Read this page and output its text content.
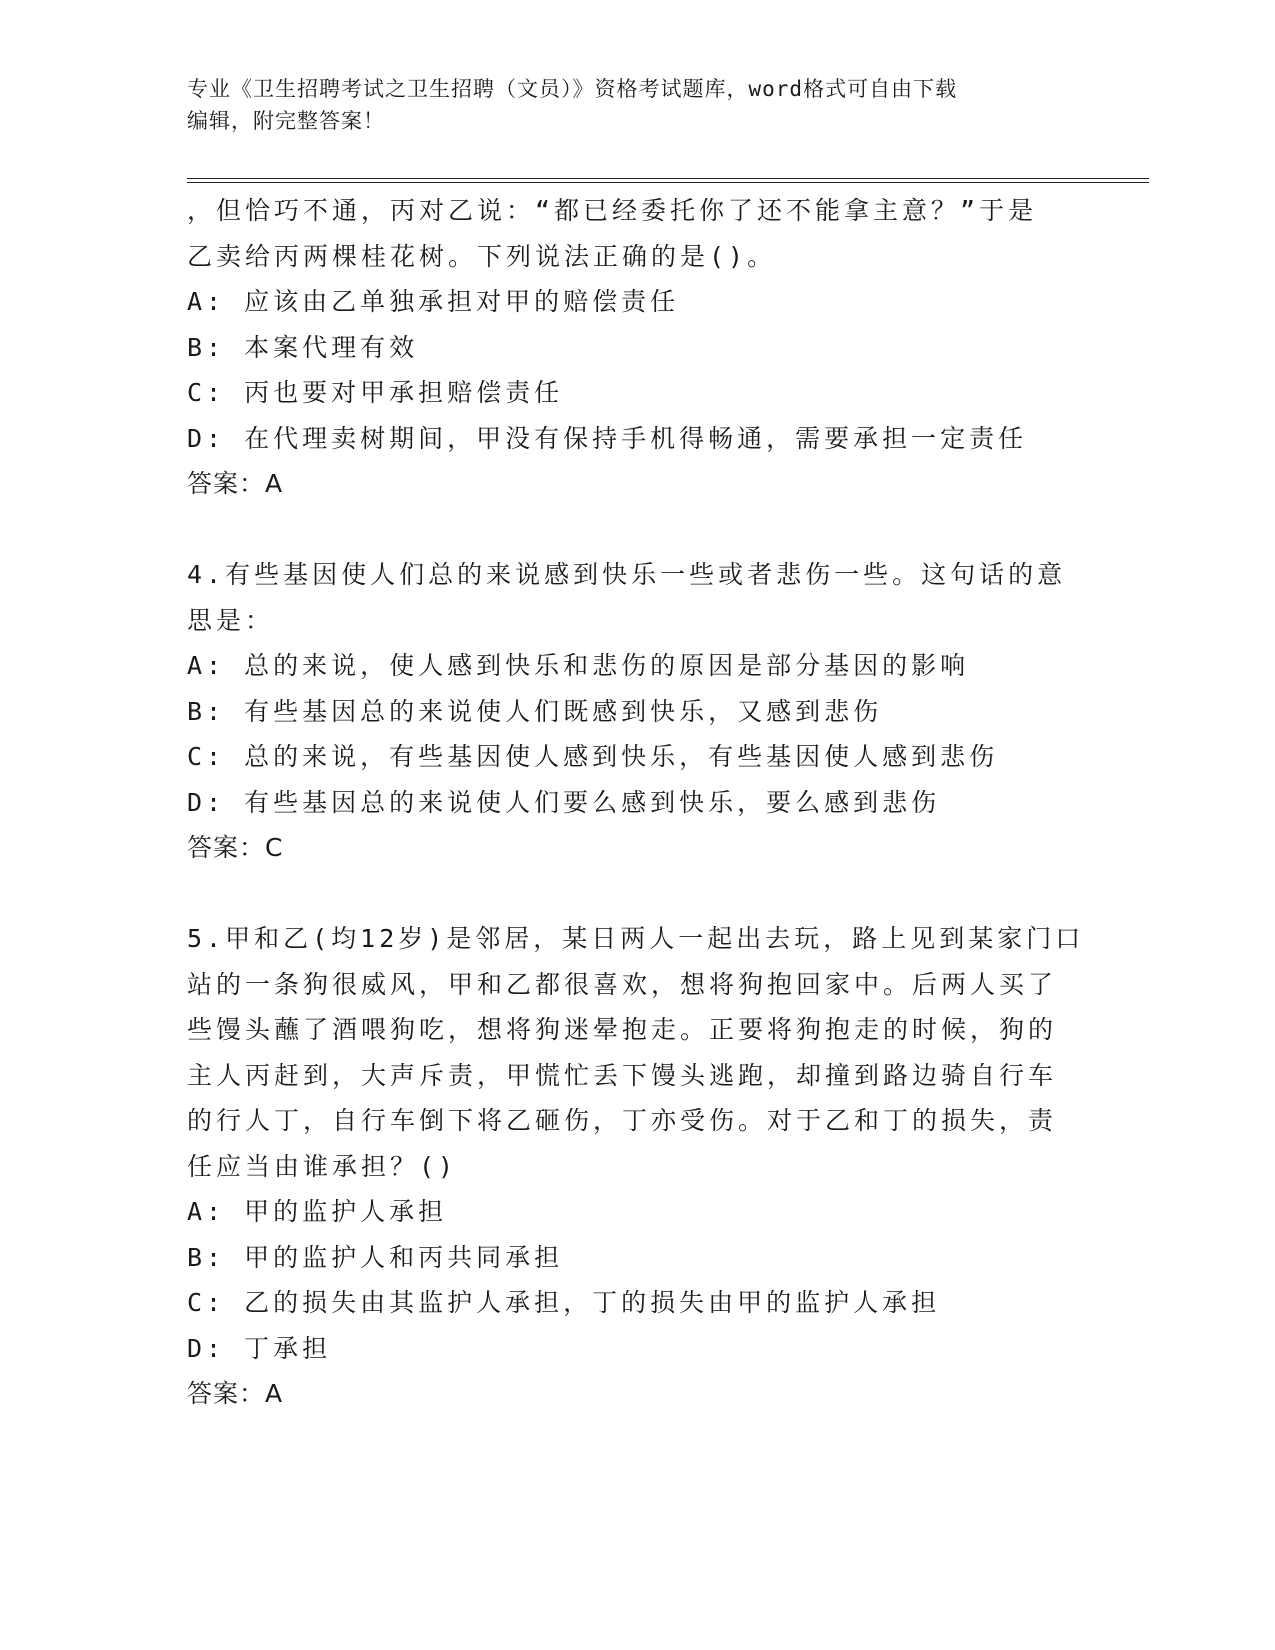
专业《卫生招聘考试之卫生招聘（文员）》资格考试题库，word格式可自由下载
编辑，附完整答案！
，但恰巧不通，丙对乙说：“都已经委托你了还不能拿主意？”于是
乙卖给丙两棵桂花树。下列说法正确的是()。
A: 应该由乙单独承担对甲的赔偿责任
B: 本案代理有效
C: 丙也要对甲承担赔偿责任
D: 在代理卖树期间，甲没有保持手机得畅通，需要承担一定责任
答案：A
4.有些基因使人们总的来说感到快乐一些或者悲伤一些。这句话的意
思是：
A: 总的来说，使人感到快乐和悲伤的原因是部分基因的影响
B: 有些基因总的来说使人们既感到快乐，又感到悲伤
C: 总的来说，有些基因使人感到快乐，有些基因使人感到悲伤
D: 有些基因总的来说使人们要么感到快乐，要么感到悲伤
答案：C
5.甲和乙(均12岁)是邻居，某日两人一起出去玩，路上见到某家门口
站的一条狗很威风，甲和乙都很喜欢，想将狗抱回家中。后两人买了
些馒头蘸了酒喂狗吃，想将狗迷晕抱走。正要将狗抱走的时候，狗的
主人丙赶到，大声斥责，甲慌忙丢下馒头逃跑，却撞到路边骑自行车
的行人丁，自行车倒下将乙砸伤，丁亦受伤。对于乙和丁的损失，责
任应当由谁承担？()
A: 甲的监护人承担
B: 甲的监护人和丙共同承担
C: 乙的损失由其监护人承担，丁的损失由甲的监护人承担
D: 丁承担
答案：A
